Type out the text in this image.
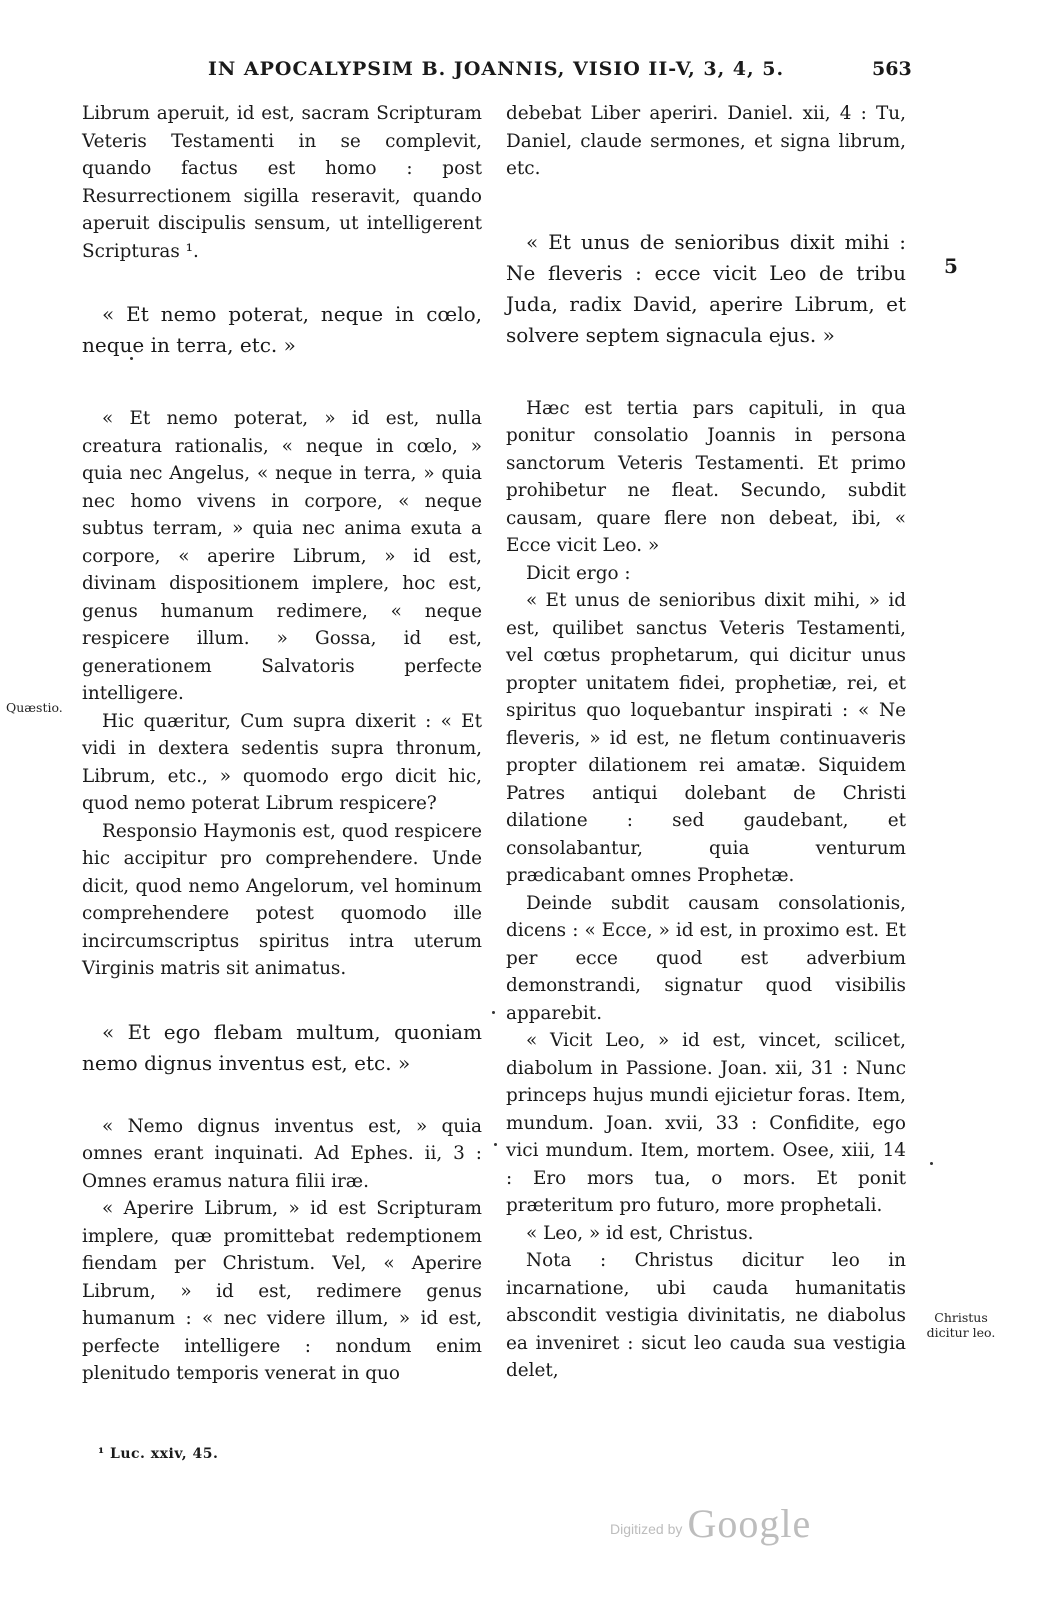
IN APOCALYPSIM B. JOANNIS, VISIO II-V, 3, 4, 5.	563

Librum aperuit, id est, sacram Scripturam Veteris Testamenti in se complevit, quando factus est homo : post Resurrectionem sigilla reseravit, quando aperuit discipulis sensum, ut intelligerent Scripturas ¹.

« Et nemo poterat, neque in cœlo, neque in terra, etc. »

« Et nemo poterat, » id est, nulla creatura rationalis, « neque in cœlo, » quia nec Angelus, « neque in terra, » quia nec homo vivens in corpore, « neque subtus terram, » quia nec anima exuta a corpore, « aperire Librum, » id est, divinam dispositionem implere, hoc est, genus humanum redimere, « neque respicere illum. » Gossa, id est, generationem Salvatoris perfecte intelligere.

Hic quæritur, Cum supra dixerit : « Et vidi in dextera sedentis supra thronum, Librum, etc., » quomodo ergo dicit hic, quod nemo poterat Librum respicere?

Responsio Haymonis est, quod respicere hic accipitur pro comprehendere. Unde dicit, quod nemo Angelorum, vel hominum comprehendere potest quomodo ille incircumscriptus spiritus intra uterum Virginis matris sit animatus.

« Et ego flebam multum, quoniam nemo dignus inventus est, etc. »

« Nemo dignus inventus est, » quia omnes erant inquinati. Ad Ephes. ii, 3 : Omnes eramus natura filii iræ.

« Aperire Librum, » id est Scripturam implere, quæ promittebat redemptionem fiendam per Christum. Vel, « Aperire Librum, » id est, redimere genus humanum : « nec videre illum, » id est, perfecte intelligere : nondum enim plenitudo temporis venerat in quo

debebat Liber aperiri. Daniel. xii, 4 : Tu, Daniel, claude sermones, et signa librum, etc.

« Et unus de senioribus dixit mihi : Ne fleveris : ecce vicit Leo de tribu Juda, radix David, aperire Librum, et solvere septem signacula ejus. »

Hæc est tertia pars capituli, in qua ponitur consolatio Joannis in persona sanctorum Veteris Testamenti. Et primo prohibetur ne fleat. Secundo, subdit causam, quare flere non debeat, ibi, « Ecce vicit Leo. »

Dicit ergo :

« Et unus de senioribus dixit mihi, » id est, quilibet sanctus Veteris Testamenti, vel cœtus prophetarum, qui dicitur unus propter unitatem fidei, prophetiæ, rei, et spiritus quo loquebantur inspirati : « Ne fleveris, » id est, ne fletum continuaveris propter dilationem rei amatæ. Siquidem Patres antiqui dolebant de Christi dilatione : sed gaudebant, et consolabantur, quia venturum prædicabant omnes Prophetæ.

Deinde subdit causam consolationis, dicens : « Ecce, » id est, in proximo est. Et per ecce quod est adverbium demonstrandi, signatur quod visibilis apparebit.

« Vicit Leo, » id est, vincet, scilicet, diabolum in Passione. Joan. xii, 31 : Nunc princeps hujus mundi ejicietur foras. Item, mundum. Joan. xvii, 33 : Confidite, ego vici mundum. Item, mortem. Osee, xiii, 14 : Ero mors tua, o mors. Et ponit præteritum pro futuro, more prophetali.

« Leo, » id est, Christus.

Nota : Christus dicitur leo in incarnatione, ubi cauda humanitatis abscondit vestigia divinitatis, ne diabolus ea inveniret : sicut leo cauda sua vestigia delet,

Quæstio.
Christus dicitur leo.
5
¹ Luc. xxiv, 45.
Digitized by Google
